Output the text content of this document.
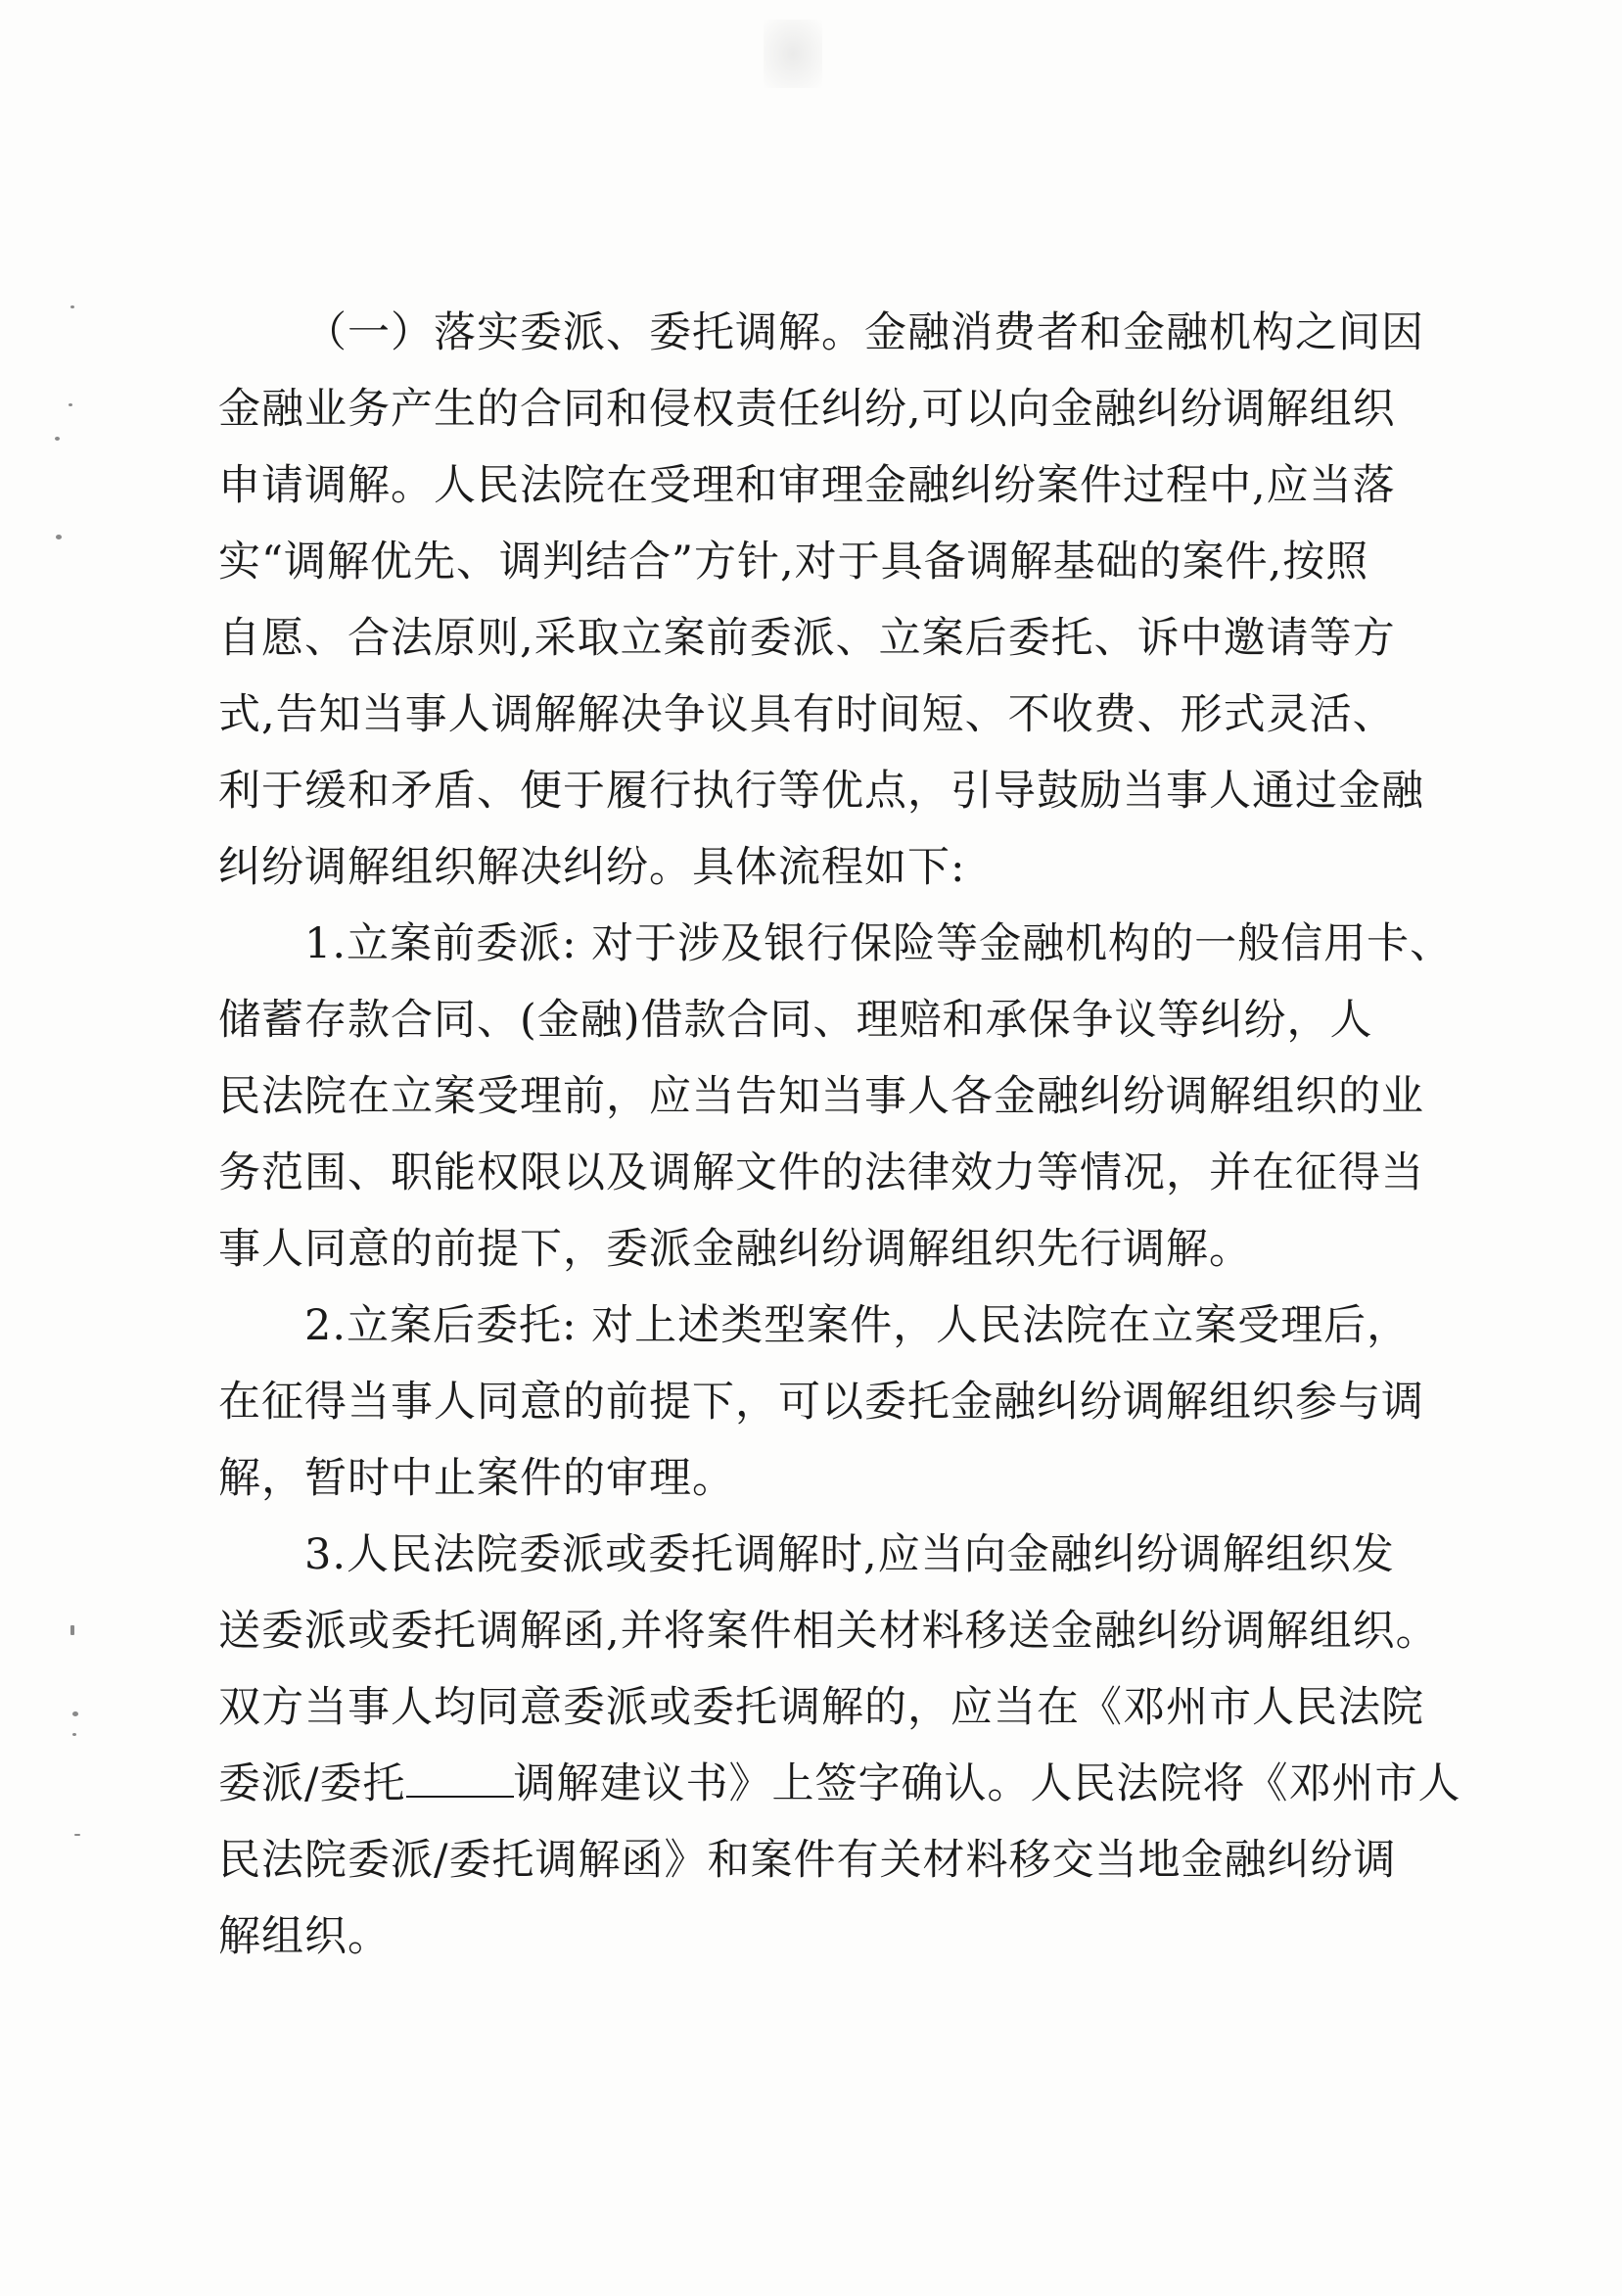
（一）落实委派、委托调解。金融消费者和金融机构之间因
金融业务产生的合同和侵权责任纠纷,可以向金融纠纷调解组织
申请调解。人民法院在受理和审理金融纠纷案件过程中,应当落
实“调解优先、调判结合”方针,对于具备调解基础的案件,按照
自愿、合法原则,采取立案前委派、立案后委托、诉中邀请等方
式,告知当事人调解解决争议具有时间短、不收费、形式灵活、
利于缓和矛盾、便于履行执行等优点，引导鼓励当事人通过金融
纠纷调解组织解决纠纷。具体流程如下:
1.立案前委派: 对于涉及银行保险等金融机构的一般信用卡、
储蓄存款合同、(金融)借款合同、理赔和承保争议等纠纷，人
民法院在立案受理前，应当告知当事人各金融纠纷调解组织的业
务范围、职能权限以及调解文件的法律效力等情况，并在征得当
事人同意的前提下，委派金融纠纷调解组织先行调解。
2.立案后委托: 对上述类型案件，人民法院在立案受理后，
在征得当事人同意的前提下，可以委托金融纠纷调解组织参与调
解，暂时中止案件的审理。
3.人民法院委派或委托调解时,应当向金融纠纷调解组织发
送委派或委托调解函,并将案件相关材料移送金融纠纷调解组织。
双方当事人均同意委派或委托调解的，应当在《邓州市人民法院
委派/委托	调解建议书》上签字确认。人民法院将《邓州市人
民法院委派/委托调解函》和案件有关材料移交当地金融纠纷调
解组织。
